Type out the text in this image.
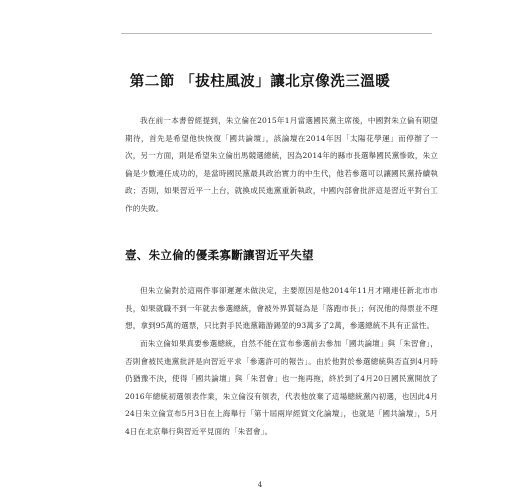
第二節 「拔柱風波」讓北京像洗三溫暖

我在前一本書曾經提到，朱立倫在2015年1月當選國民黨主席後，中國對朱立倫有期望期待，首先是希望他快恢復「國共論壇」，該論壇在2014年因「太陽花學運」而停辦了一次，另一方面，則是希望朱立倫出馬競選總統，因為2014年的縣市長選舉國民黨慘敗，朱立倫是少數連任成功的，是當時國民黨最具政治實力的中生代，他若參選可以讓國民黨持續執政；否則，如果習近平一上台，就換成民進黨重新執政，中國內部會批評這是習近平對台工作的失敗。

壹、朱立倫的優柔寡斷讓習近平失望

但朱立倫對於這兩件事卻遲遲未做決定，主要原因是他2014年11月才剛連任新北市市長，如果就職不到一年就去參選總統，會被外界質疑為是「落跑市長」；何況他的得票並不理想，拿到95萬的選票，只比對手民進黨籍游錫堃的93萬多了2萬，參選總統不具有正當性。

而朱立倫如果真要參選總統，自然不能在宣布參選前去參加「國共論壇」與「朱習會」，否則會被民進黨批評是向習近平求「參選許可的報告」。由於他對於參選總統與否直到4月時仍猶豫不決，使得「國共論壇」與「朱習會」也一拖再拖，終於到了4月20日國民黨開放了2016年總統初選領表作業，朱立倫沒有領表，代表他放棄了這場總統黨內初選，也因此4月24日朱立倫宣布5月3日在上海舉行「第十屆兩岸經貿文化論壇」，也就是「國共論壇」，5月4日在北京舉行與習近平見面的「朱習會」。

4
